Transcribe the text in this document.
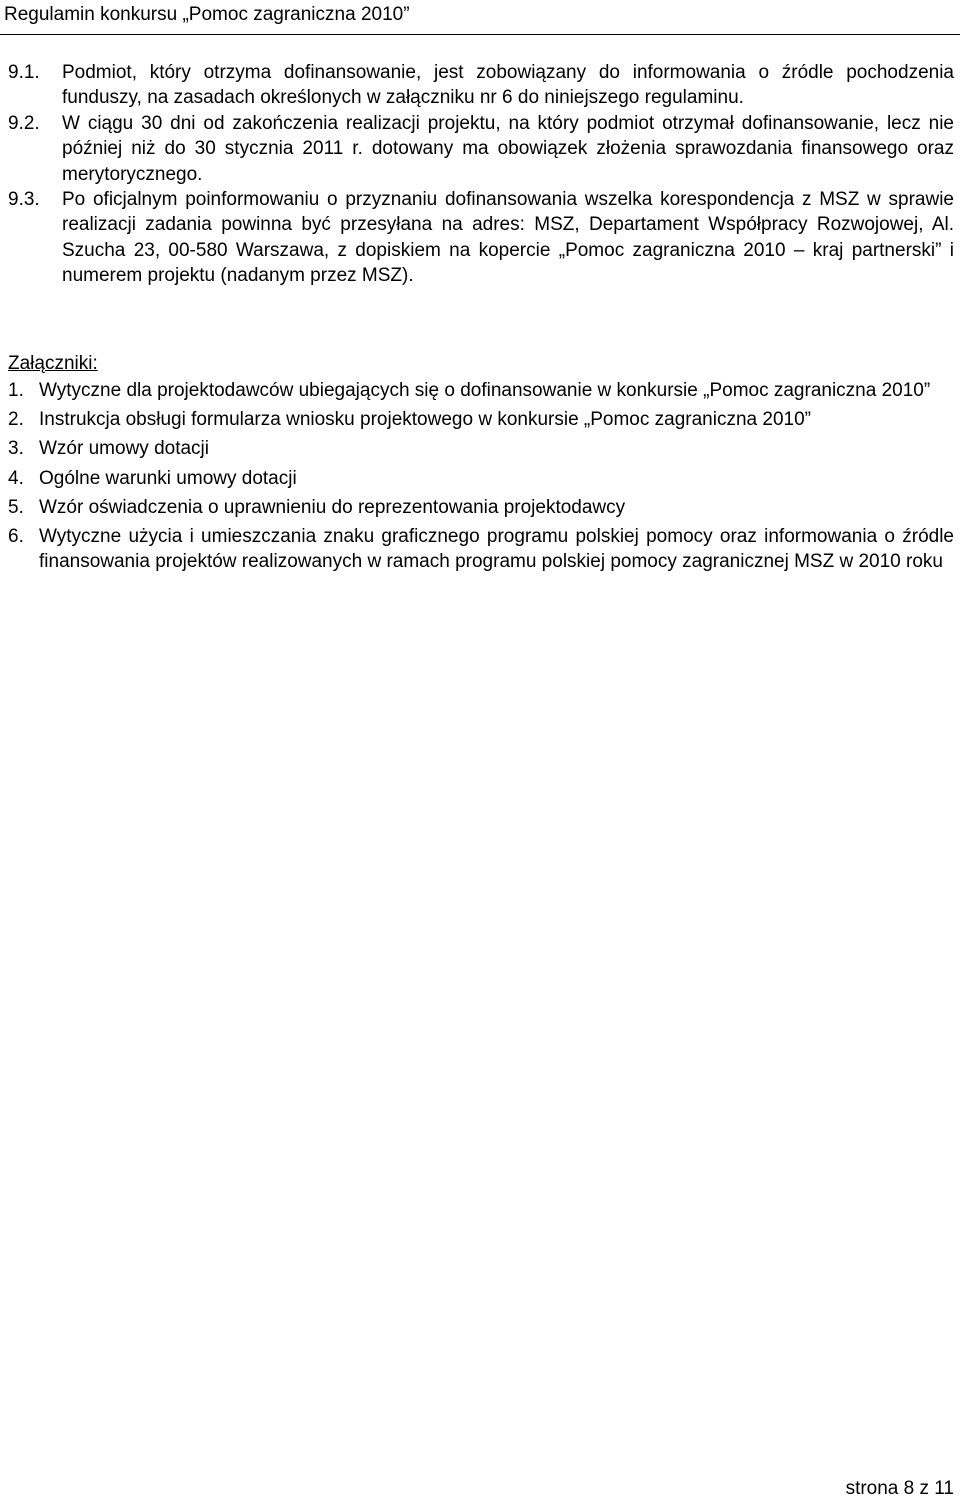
Regulamin konkursu „Pomoc zagraniczna 2010”
9.1.	Podmiot, który otrzyma dofinansowanie, jest zobowiązany do informowania o źródle pochodzenia funduszy, na zasadach określonych w załączniku nr 6 do niniejszego regulaminu.
9.2.	W ciągu 30 dni od zakończenia realizacji projektu, na który podmiot otrzymał dofinansowanie, lecz nie później niż do 30 stycznia 2011 r. dotowany ma obowiązek złożenia sprawozdania finansowego oraz merytorycznego.
9.3.	Po oficjalnym poinformowaniu o przyznaniu dofinansowania wszelka korespondencja z MSZ w sprawie realizacji zadania powinna być przesyłana na adres: MSZ, Departament Współpracy Rozwojowej, Al. Szucha 23, 00-580 Warszawa, z dopiskiem na kopercie „Pomoc zagraniczna 2010 – kraj partnerski” i numerem projektu (nadanym przez MSZ).
Załączniki:
1. Wytyczne dla projektodawców ubiegających się o dofinansowanie w konkursie „Pomoc zagraniczna 2010”
2. Instrukcja obsługi formularza wniosku projektowego w konkursie „Pomoc zagraniczna 2010”
3. Wzór umowy dotacji
4. Ogólne warunki umowy dotacji
5. Wzór oświadczenia o uprawnieniu do reprezentowania projektodawcy
6. Wytyczne użycia i umieszczania znaku graficznego programu polskiej pomocy oraz informowania o źródle finansowania projektów realizowanych w ramach programu polskiej pomocy zagranicznej MSZ w 2010 roku
strona 8 z 11
